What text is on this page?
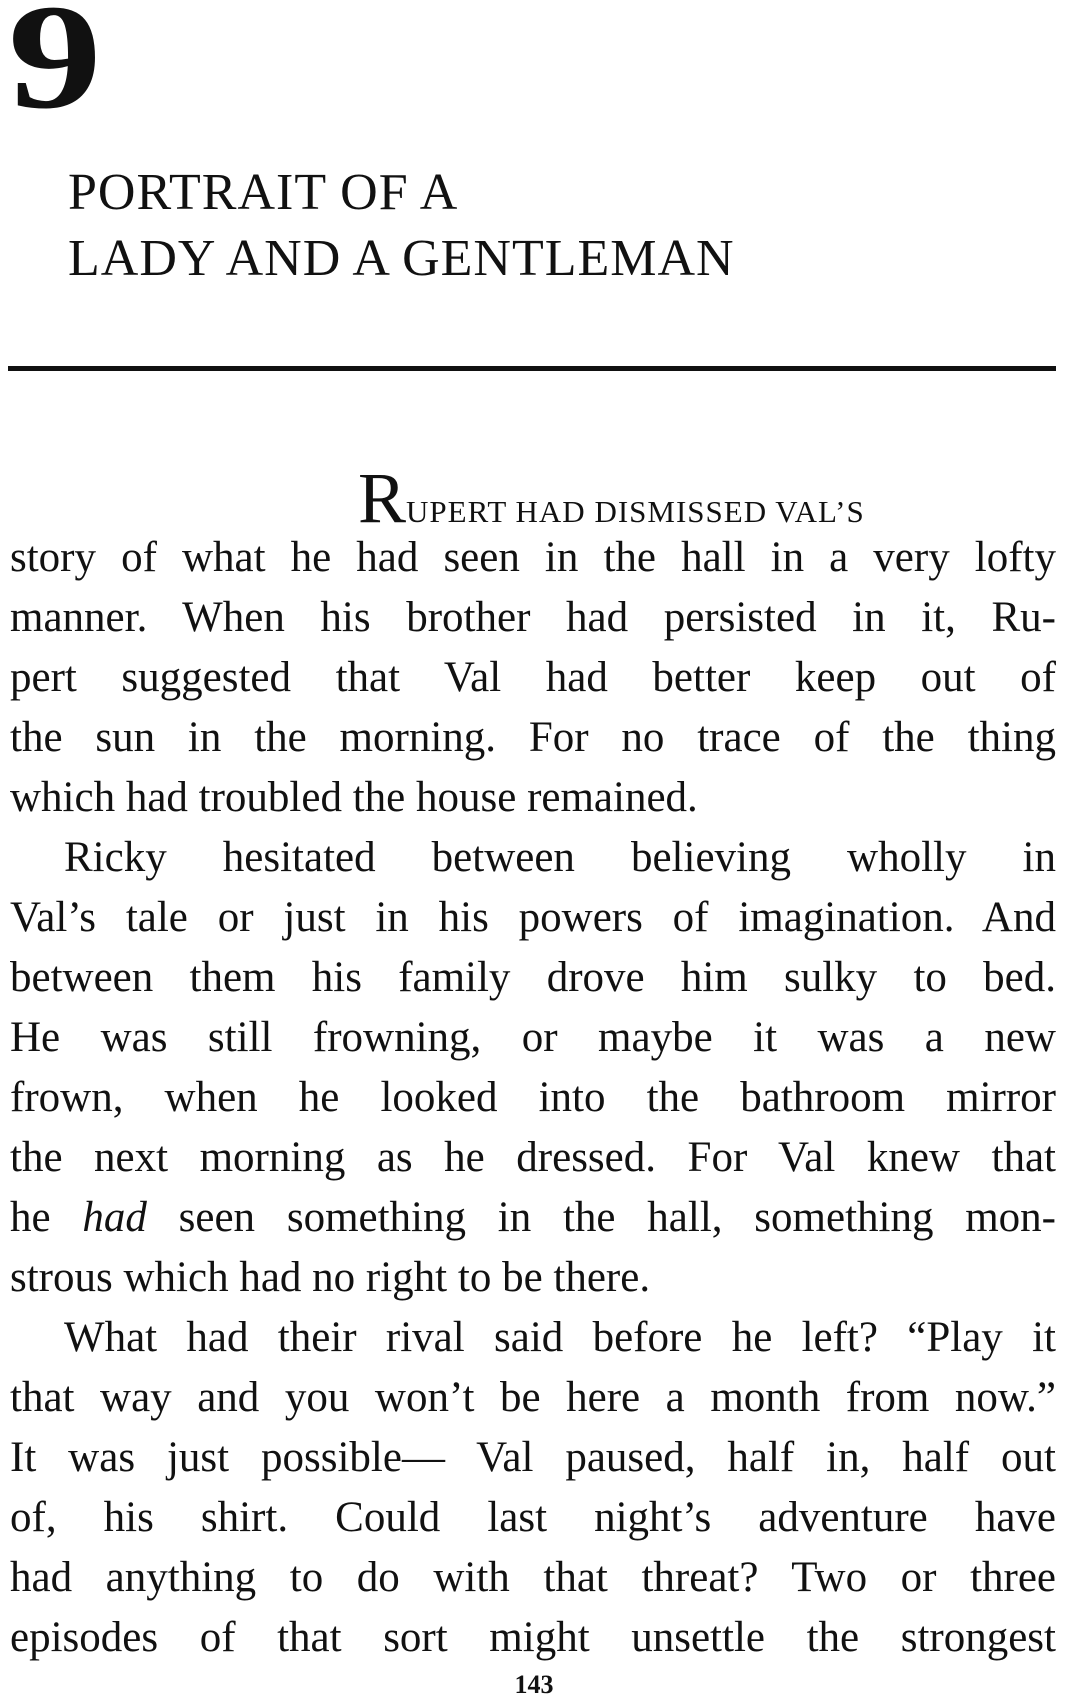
9
PORTRAIT OF A
LADY AND A GENTLEMAN
RUPERT HAD DISMISSED VAL’S
story of what he had seen in the hall in a very lofty
manner. When his brother had persisted in it, Ru-
pert suggested that Val had better keep out of
the sun in the morning. For no trace of the thing
which had troubled the house remained.
Ricky hesitated between believing wholly in
Val’s tale or just in his powers of imagination. And
between them his family drove him sulky to bed.
He was still frowning, or maybe it was a new
frown, when he looked into the bathroom mirror
the next morning as he dressed. For Val knew that
he had seen something in the hall, something mon-
strous which had no right to be there.
What had their rival said before he left? “Play it
that way and you won’t be here a month from now.”
It was just possible— Val paused, half in, half out
of, his shirt. Could last night’s adventure have
had anything to do with that threat? Two or three
episodes of that sort might unsettle the strongest
143
